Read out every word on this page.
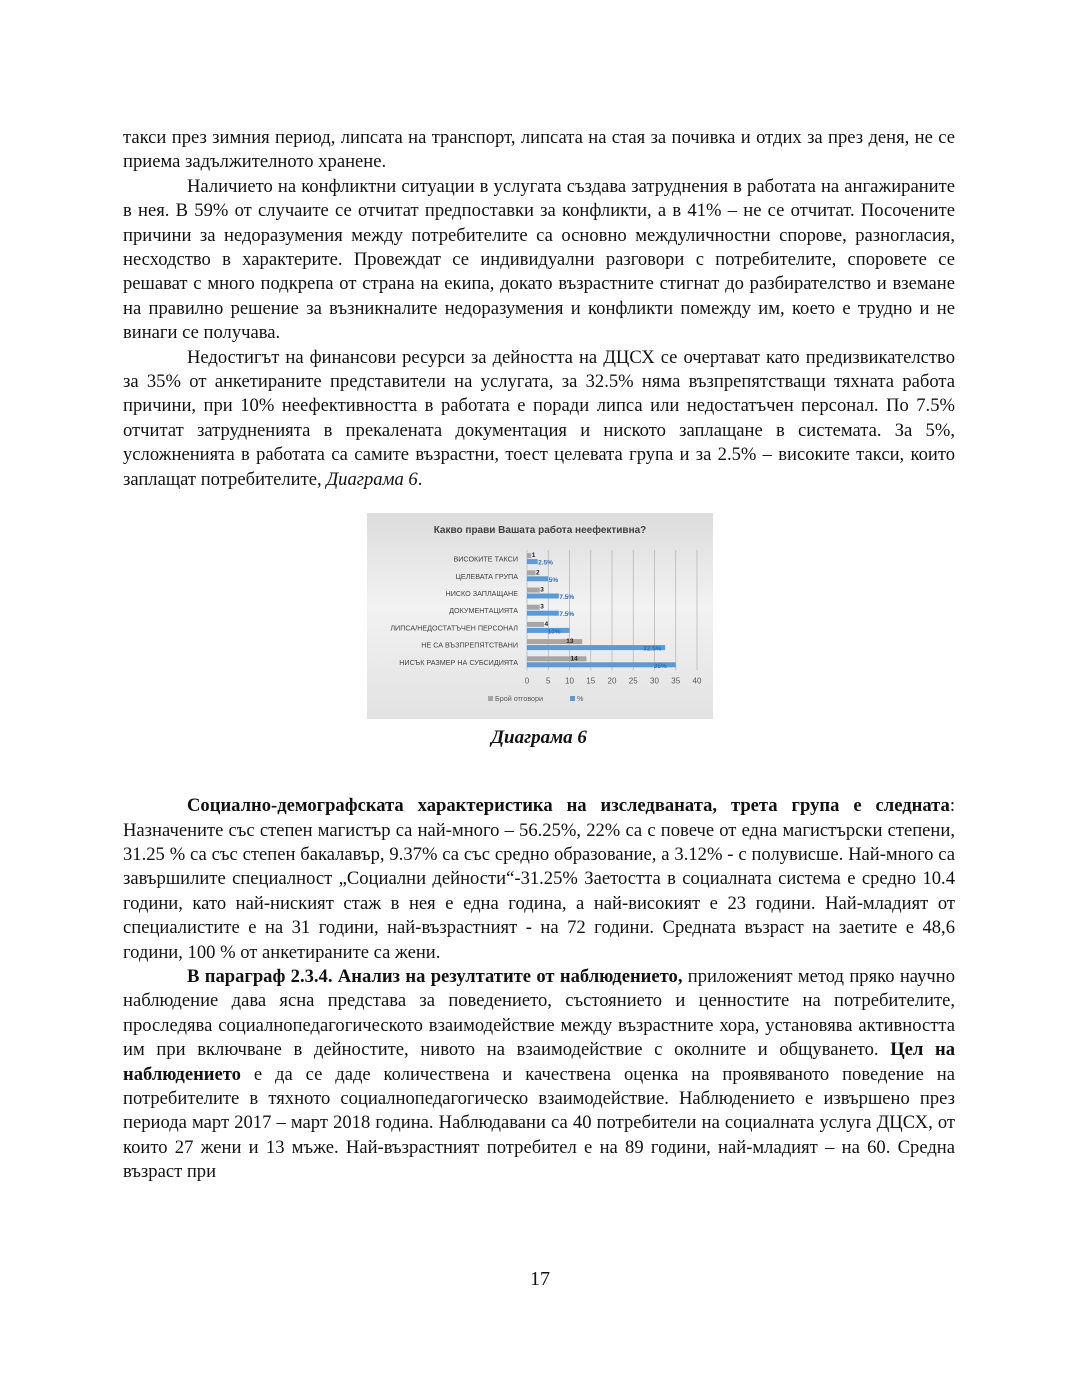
такси през зимния период, липсата на транспорт, липсата на стая за почивка и отдих за през деня, не се приема задължителното хранене.

Наличието на конфликтни ситуации в услугата създава затруднения в работата на ангажираните в нея. В 59% от случаите се отчитат предпоставки за конфликти, а в 41% – не се отчитат. Посочените причини за недоразумения между потребителите са основно междуличностни спорове, разногласия, несходство в характерите. Провеждат се индивидуални разговори с потребителите, споровете се решават с много подкрепа от страна на екипа, докато възрастните стигнат до разбирателство и вземане на правилно решение за възникналите недоразумения и конфликти помежду им, което е трудно и не винаги се получава.

Недостигът на финансови ресурси за дейността на ДЦСХ се очертават като предизвикателство за 35% от анкетираните представители на услугата, за 32.5% няма възпрепятстващи тяхната работа причини, при 10% неефективността в работата е поради липса или недостатъчен персонал. По 7.5% отчитат затрудненията в прекалената документация и ниското заплащане в системата. За 5%, усложненията в работата са самите възрастни, тоест целевата група и за 2.5% – високите такси, които заплащат потребителите, Диаграма 6.

Какво прави Вашата работа неефективна?
0 5 10 15 20 25 30 35 40
ВИСОКИТЕ ТАКСИ 1
2.5%
ЦЕЛЕВАТА ГРУПА	2
5%
НИСКО ЗАПЛАЩАНЕ	3
7.5%
ДОКУМЕНТАЦИЯТА	3
7.5%
ЛИПСА/НЕДОСТАТЪЧЕН ПЕРСОНАЛ	4
10%
НЕ СА ВЪЗПРЕПЯТСТВАНИ	13
32.5%
НИСЪК РАЗМЕР НА СУБСИДИЯТА	14
35%
Брой отговори	%
Диаграма 6

Социално-демографската характеристика на изследваната, трета група е следната: Назначените със степен магистър са най-много – 56.25%, 22% са с повече от една магистърски степени, 31.25 % са със степен бакалавър, 9.37% са със средно образование, а 3.12% - с полувисше. Най-много са завършилите специалност „Социални дейности“-31.25% Заетостта в социалната система е средно 10.4 години, като най-ниският стаж в нея е една година, а най-високият е 23 години. Най-младият от специалистите е на 31 години, най-възрастният - на 72 години. Средната възраст на заетите е 48,6 години, 100 % от анкетираните са жени.

В параграф 2.3.4. Анализ на резултатите от наблюдението, приложеният метод пряко научно наблюдение дава ясна представа за поведението, състоянието и ценностите на потребителите, проследява социалнопедагогическото взаимодействие между възрастните хора, установява активността им при включване в дейностите, нивото на взаимодействие с околните и общуването. Цел на наблюдението е да се даде количествена и качествена оценка на проявяваното поведение на потребителите в тяхното социалнопедагогическо взаимодействие. Наблюдението е извършено през периода март 2017 – март 2018 година. Наблюдавани са 40 потребители на социалната услуга ДЦСХ, от които 27 жени и 13 мъже. Най-възрастният потребител е на 89 години, най-младият – на 60. Средна възраст при

17
